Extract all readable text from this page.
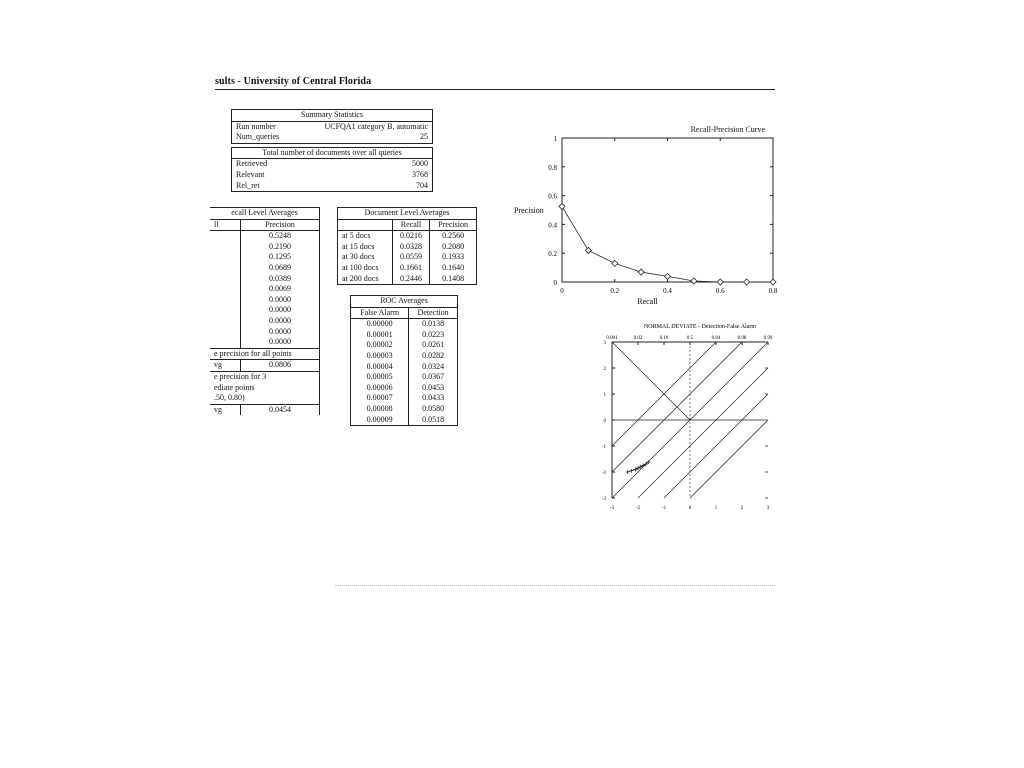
sults - University of Central Florida
Summary Statistics	
Run number	UCFQA1 category B, automatic
Num_queries	25
Total number of documents over all queries	
Retrieved	5000
Relevant	3768
Rel_ret	704
ecall Level Averages	
ll	Precision
	0.5248
	0.2190
	0.1295
	0.0689
	0.0389
	0.0069
	0.0000
	0.0000
	0.0000
	0.0000
	0.0000
e precision for all points	
vg	0.0806
e precision for 3	
ediate points	
.50, 0.80)	
vg	0.0454
Document Level Averages		
	Recall	Precision
at 5 docs	0.0216	0.2560
at 15 docs	0.0328	0.2080
at 30 docs	0.0559	0.1933
at 100 docs	0.1661	0.1640
at 200 docs	0.2446	0.1408
ROC Averages	
False Alarm	Detection
0.00000	0.0138
0.00001	0.0223
0.00002	0.0261
0.00003	0.0282
0.00004	0.0324
0.00005	0.0367
0.00006	0.0453
0.00007	0.0433
0.00008	0.0580
0.00009	0.0518
Recall-Precision Curve
0
0.2
0.4
0.6
0.8
1
0	0.2	0.4	0.6	0.8
Recall
Precision
NORMAL DEVIATE - Detection-False Alarm
-3
-2
-1
0
1
2
3
-3	-2	-1	0	1	2	3
0.001	0.02	0.16	0.5	0.84	0.98	0.99
